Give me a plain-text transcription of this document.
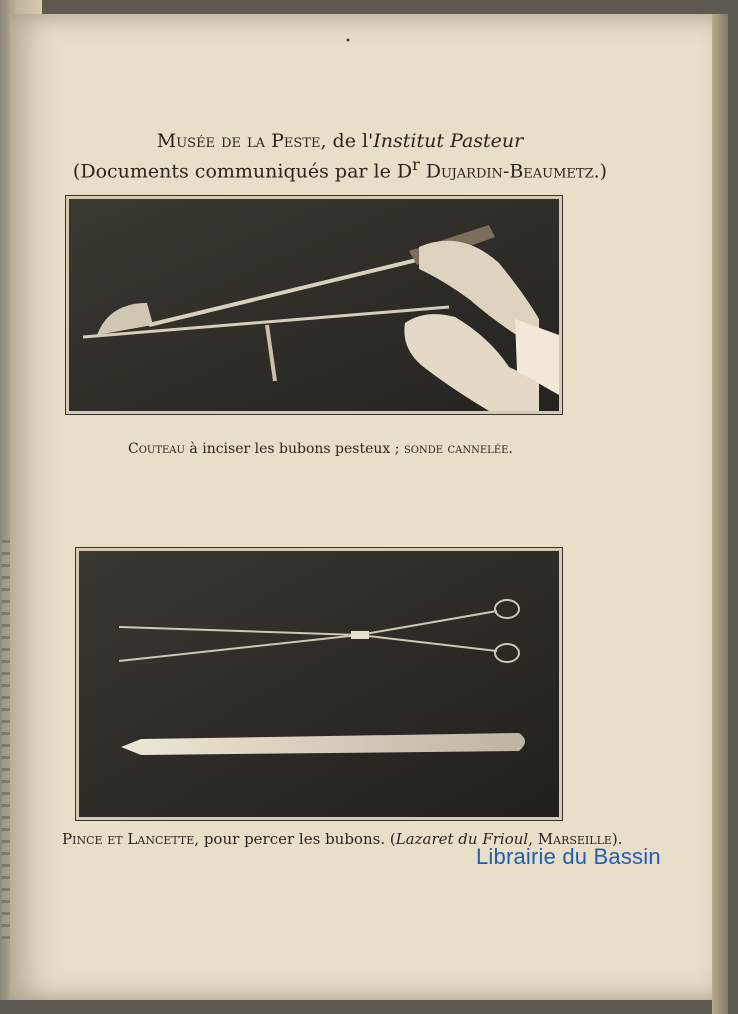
•
Musée de la Peste, de l'Institut Pasteur
(Documents communiqués par le $D^r$ Dujardin-Beaumetz.)
Couteau à inciser les bubons pesteux ; sonde cannelée.
Pince et Lancette, pour percer les bubons. (Lazaret du Frioul, Marseille).
Librairie du Bassin
